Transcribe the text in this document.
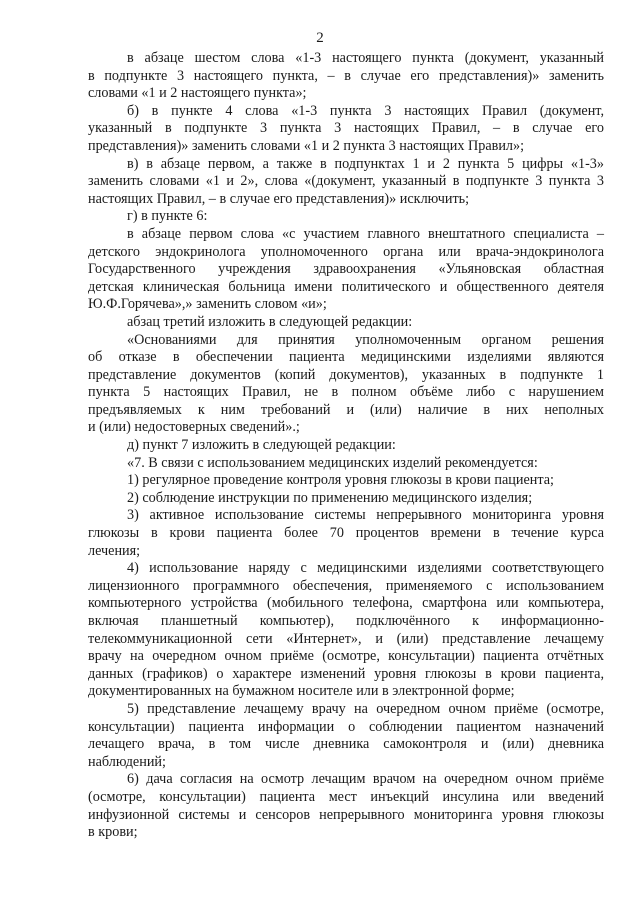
2
в абзаце шестом слова «1-3 настоящего пункта (документ, указанный
в подпункте 3 настоящего пункта, – в случае его представления)» заменить
словами «1 и 2 настоящего пункта»;
б) в пункте 4 слова «1-3 пункта 3 настоящих Правил (документ,
указанный в подпункте 3 пункта 3 настоящих Правил, – в случае его
представления)» заменить словами «1 и 2 пункта 3 настоящих Правил»;
в) в абзаце первом, а также в подпунктах 1 и 2 пункта 5 цифры «1-3»
заменить словами «1 и 2», слова «(документ, указанный в подпункте 3 пункта 3
настоящих Правил, – в случае его представления)» исключить;
г) в пункте 6:
в абзаце первом слова «с участием главного внештатного специалиста –
детского эндокринолога уполномоченного органа или врача-эндокринолога
Государственного учреждения здравоохранения «Ульяновская областная
детская клиническая больница имени политического и общественного деятеля
Ю.Ф.Горячева»,» заменить словом «и»;
абзац третий изложить в следующей редакции:
«Основаниями для принятия уполномоченным органом решения
об отказе в обеспечении пациента медицинскими изделиями являются
представление документов (копий документов), указанных в подпункте 1
пункта 5 настоящих Правил, не в полном объёме либо с нарушением
предъявляемых к ним требований и (или) наличие в них неполных
и (или) недостоверных сведений».;
д) пункт 7 изложить в следующей редакции:
«7. В связи с использованием медицинских изделий рекомендуется:
1) регулярное проведение контроля уровня глюкозы в крови пациента;
2) соблюдение инструкции по применению медицинского изделия;
3) активное использование системы непрерывного мониторинга уровня
глюкозы в крови пациента более 70 процентов времени в течение курса
лечения;
4) использование наряду с медицинскими изделиями соответствующего
лицензионного программного обеспечения, применяемого с использованием
компьютерного устройства (мобильного телефона, смартфона или компьютера,
включая планшетный компьютер), подключённого к информационно-
телекоммуникационной сети «Интернет», и (или) представление лечащему
врачу на очередном очном приёме (осмотре, консультации) пациента отчётных
данных (графиков) о характере изменений уровня глюкозы в крови пациента,
документированных на бумажном носителе или в электронной форме;
5) представление лечащему врачу на очередном очном приёме (осмотре,
консультации) пациента информации о соблюдении пациентом назначений
лечащего врача, в том числе дневника самоконтроля и (или) дневника
наблюдений;
6) дача согласия на осмотр лечащим врачом на очередном очном приёме
(осмотре, консультации) пациента мест инъекций инсулина или введений
инфузионной системы и сенсоров непрерывного мониторинга уровня глюкозы
в крови;
